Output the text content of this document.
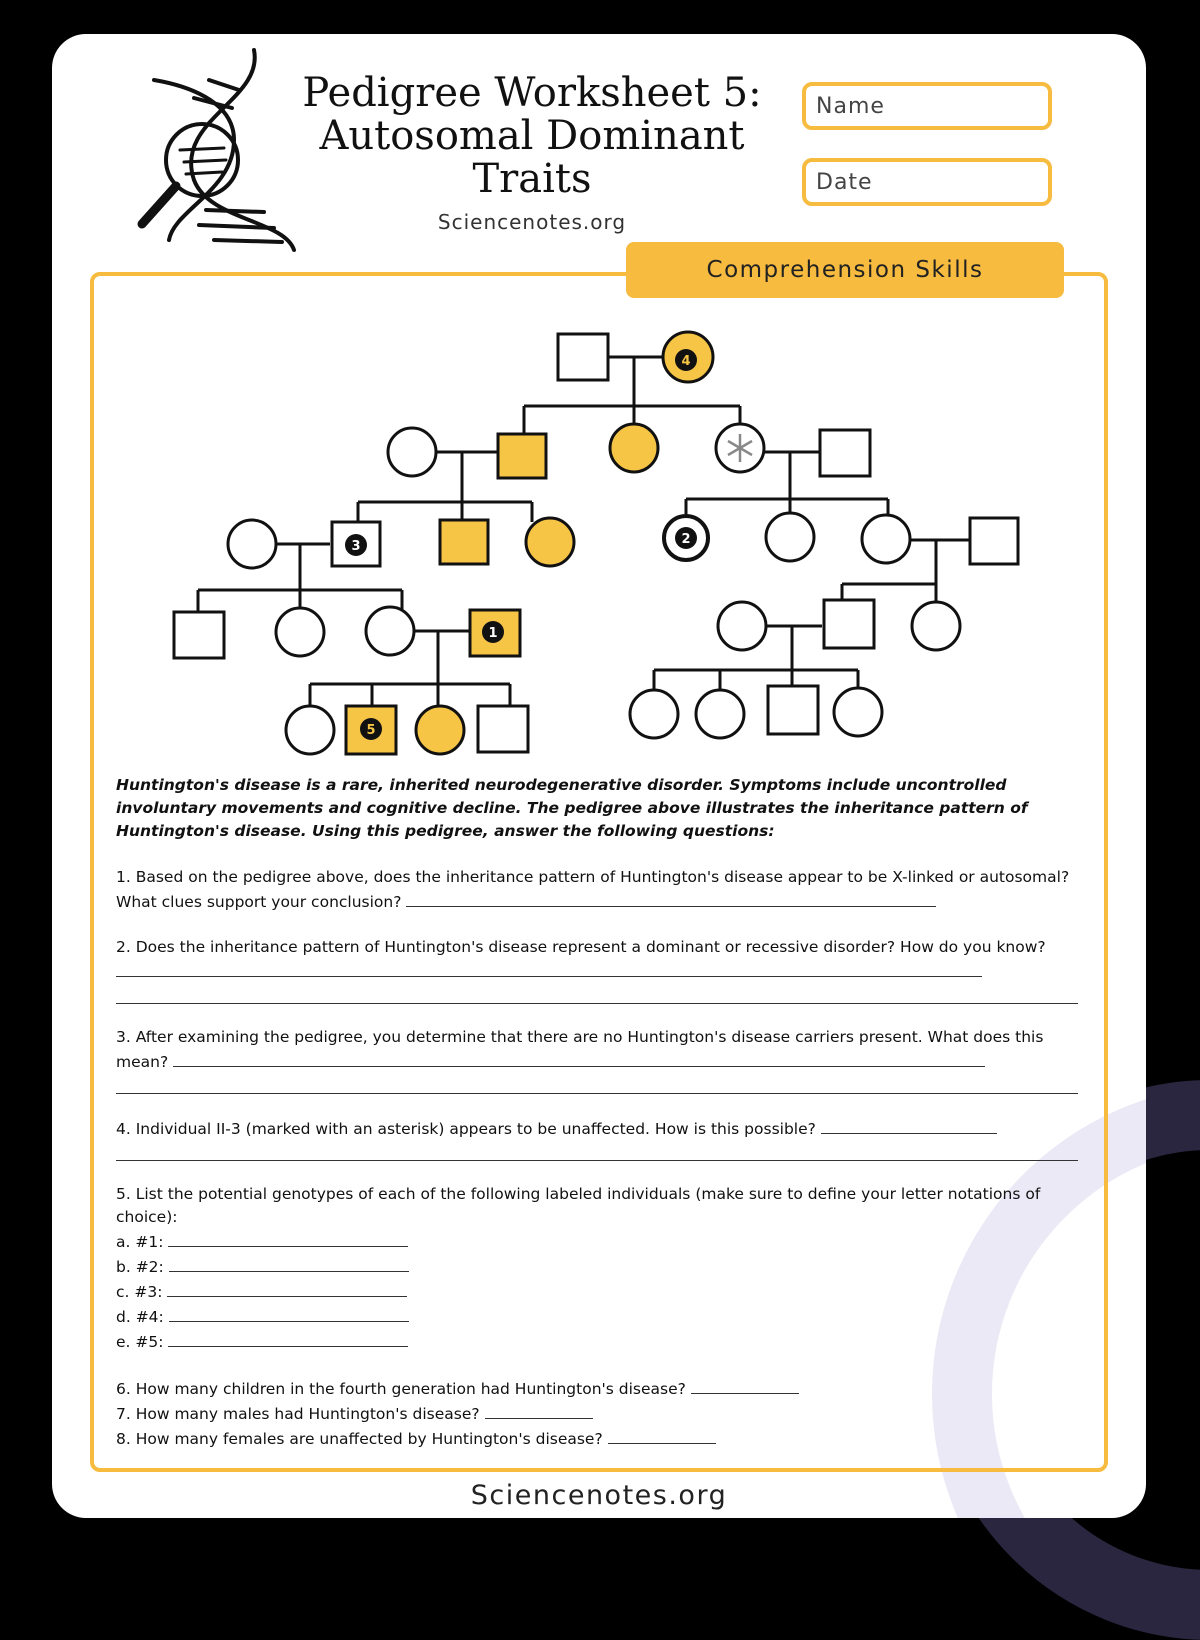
Pedigree Worksheet 5:
Autosomal Dominant
Traits
Sciencenotes.org
Name
Date
Comprehension Skills
4
3	2
1
5
Huntington's disease is a rare, inherited neurodegenerative disorder. Symptoms include uncontrolled involuntary movements and cognitive decline. The pedigree above illustrates the inheritance pattern of Huntington's disease. Using this pedigree, answer the following questions:
1. Based on the pedigree above, does the inheritance pattern of Huntington's disease appear to be X-linked or autosomal? What clues support your conclusion?
2. Does the inheritance pattern of Huntington's disease represent a dominant or recessive disorder? How do you know?
3. After examining the pedigree, you determine that there are no Huntington's disease carriers present. What does this mean?
4. Individual II-3 (marked with an asterisk) appears to be unaffected. How is this possible?
5. List the potential genotypes of each of the following labeled individuals (make sure to define your letter notations of choice):
a. #1:
b. #2:
c. #3:
d. #4:
e. #5:
6. How many children in the fourth generation had Huntington's disease?
7. How many males had Huntington's disease?
8. How many females are unaffected by Huntington's disease?
Sciencenotes.org
